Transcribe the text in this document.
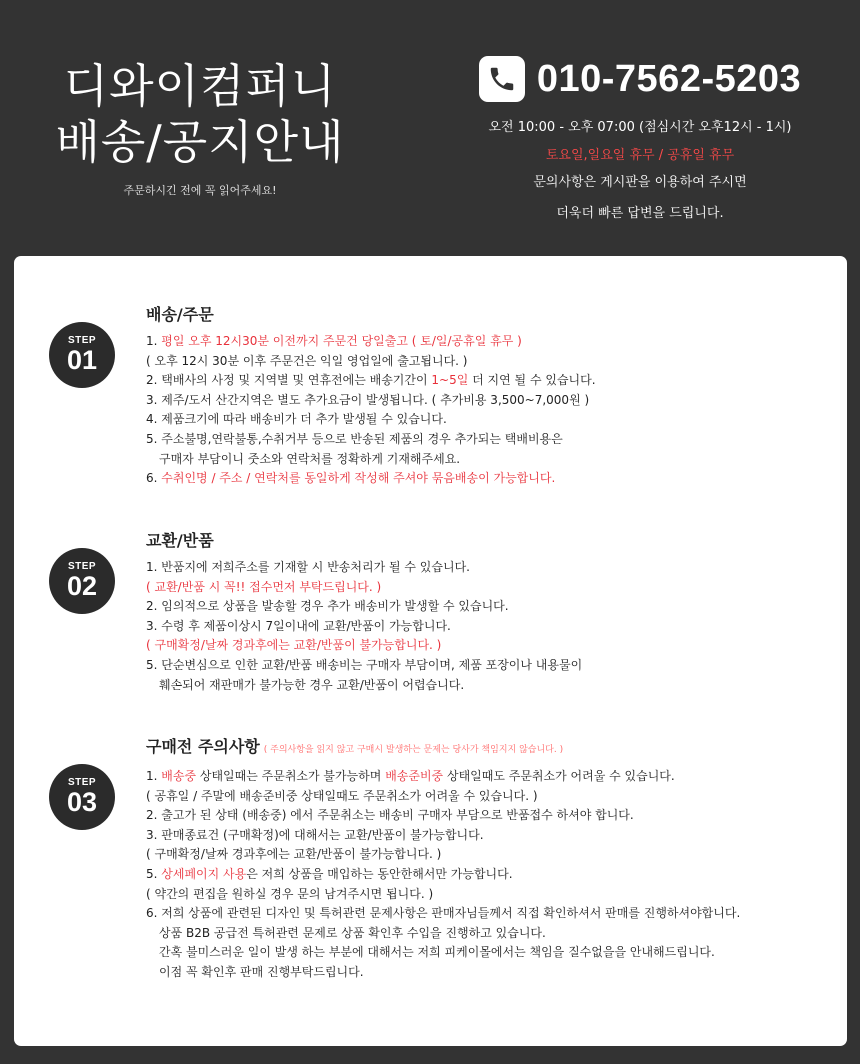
디와이컴퍼니
배송/공지안내
주문하시긴 전에 꼭 읽어주세요!
010-7562-5203
오전 10:00 - 오후 07:00 (점심시간 오후12시 - 1시)
토요일,일요일 휴무 / 공휴일 휴무
문의사항은 게시판을 이용하여 주시면
더욱더 빠른 답변을 드립니다.
STEP
01
배송/주문
1. 평일 오후 12시30분 이전까지 주문건 당일출고 ( 토/일/공휴일 휴무 )
( 오후 12시 30분 이후 주문건은 익일 영업일에 출고됩니다. )
2. 택배사의 사정 및 지역별 및 연휴전에는 배송기간이 1~5일 더 지연 될 수 있습니다.
3. 제주/도서 산간지역은 별도 추가요금이 발생됩니다. ( 추가비용 3,500~7,000원 )
4. 제품크기에 따라 배송비가 더 추가 발생될 수 있습니다.
5. 주소불명,연락불통,수취거부 등으로 반송된 제품의 경우 추가되는 택배비용은
구매자 부담이니 줏소와 연락처를 정확하게 기재해주세요.
6. 수취인명 / 주소 / 연락처를 동일하게 작성해 주셔야 묶음배송이 가능합니다.
STEP
02
교환/반품
1. 반품지에 저희주소를 기재할 시 반송처리가 될 수 있습니다.
( 교환/반품 시 꼭!! 접수먼저 부탁드립니다. )
2. 임의적으로 상품을 발송할 경우 추가 배송비가 발생할 수 있습니다.
3. 수령 후 제품이상시 7일이내에 교환/반품이 가능합니다.
( 구매확정/날짜 경과후에는 교환/반품이 불가능합니다. )
5. 단순변심으로 인한 교환/반품 배송비는 구매자 부담이며, 제품 포장이나 내용물이
훼손되어 재판매가 불가능한 경우 교환/반품이 어렵습니다.
STEP
03
구매전 주의사항 ( 주의사항을 읽지 않고 구매시 발생하는 문제는 당사가 책임지지 않습니다. )
1. 배송중 상태일때는 주문취소가 불가능하며 배송준비중 상태일때도 주문취소가 어려울 수 있습니다.
( 공휴일 / 주말에 배송준비중 상태일때도 주문취소가 어려울 수 있습니다. )
2. 출고가 된 상태 (배송중) 에서 주문취소는 배송비 구매자 부담으로 반품접수 하셔야 합니다.
3. 판매종료건 (구매확정)에 대해서는 교환/반품이 불가능합니다.
( 구매확정/날짜 경과후에는 교환/반품이 불가능합니다. )
5. 상세페이지 사용은 저희 상품을 매입하는 동안한해서만 가능합니다.
( 약간의 편집을 원하실 경우 문의 남겨주시면 됩니다. )
6. 저희 상품에 관련된 디자인 및 특허관련 문제사항은 판매자님들께서 직접 확인하셔서 판매를 진행하셔야합니다.
상품 B2B 공급전 특허관련 문제로 상품 확인후 수입을 진행하고 있습니다.
간혹 불미스러운 일이 발생 하는 부분에 대해서는 저희 피케이몰에서는 책임을 질수없을을 안내해드립니다.
이점 꼭 확인후 판매 진행부탁드립니다.
